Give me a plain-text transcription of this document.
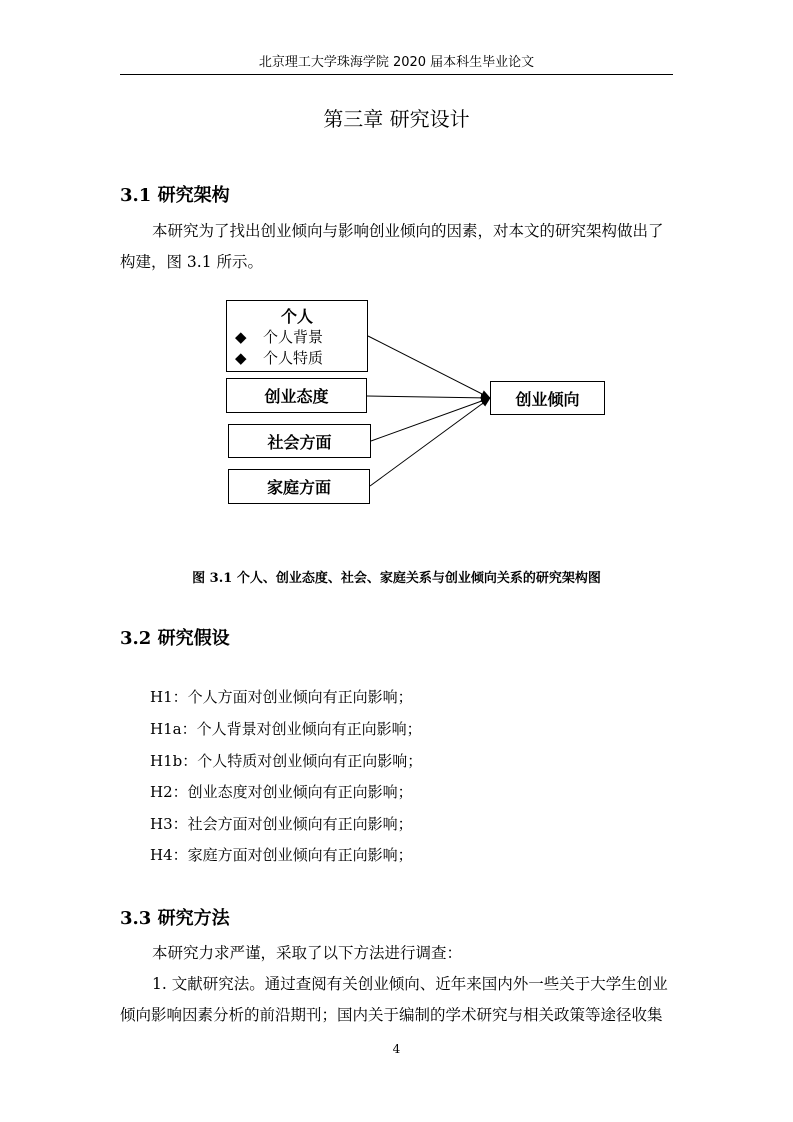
北京理工大学珠海学院 2020 届本科生毕业论文
第三章 研究设计
3.1 研究架构
本研究为了找出创业倾向与影响创业倾向的因素，对本文的研究架构做出了
构建，图 3.1 所示。
个人
◆ 个人背景
◆ 个人特质
创业态度
社会方面
家庭方面
创业倾向
图 3.1 个人、创业态度、社会、家庭关系与创业倾向关系的研究架构图
3.2 研究假设
H1：个人方面对创业倾向有正向影响；
H1a：个人背景对创业倾向有正向影响；
H1b：个人特质对创业倾向有正向影响；
H2：创业态度对创业倾向有正向影响；
H3：社会方面对创业倾向有正向影响；
H4：家庭方面对创业倾向有正向影响；
3.3 研究方法
本研究力求严谨，采取了以下方法进行调查：
1. 文献研究法。通过查阅有关创业倾向、近年来国内外一些关于大学生创业
倾向影响因素分析的前沿期刊；国内关于编制的学术研究与相关政策等途径收集
4
